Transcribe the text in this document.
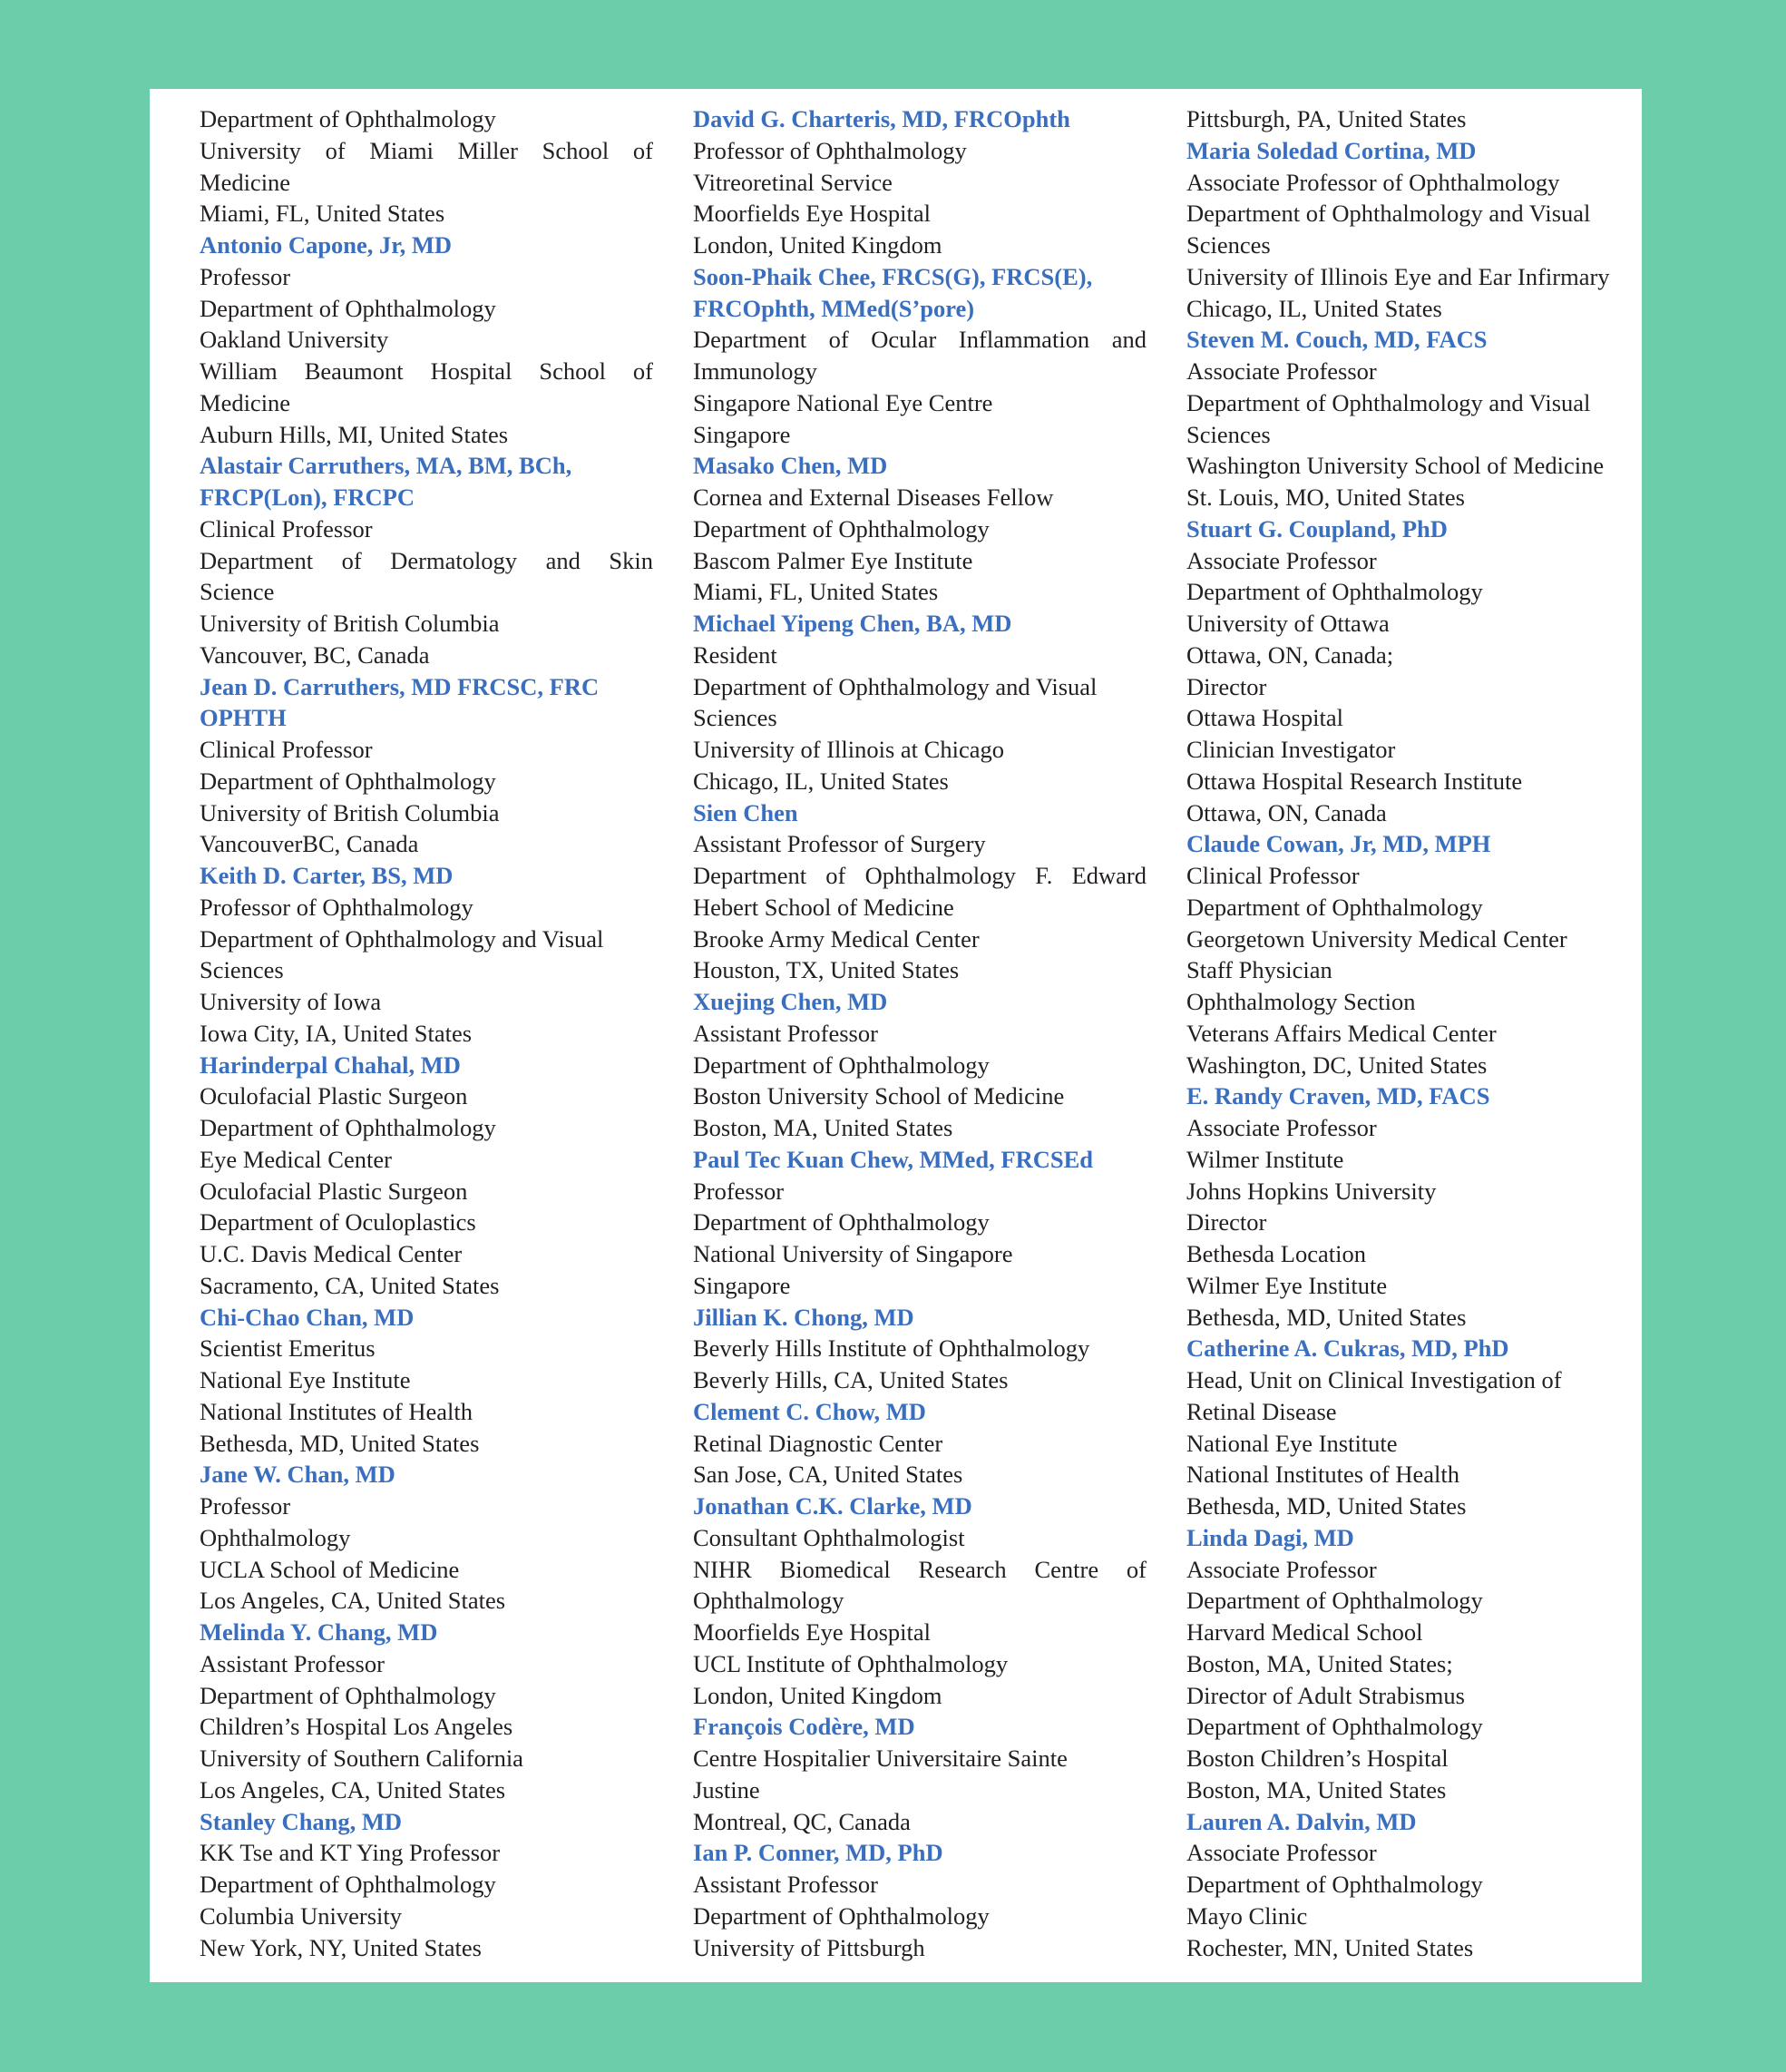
Department of Ophthalmology
University of Miami Miller School of
Medicine
Miami, FL, United States
Antonio Capone, Jr, MD
Professor
Department of Ophthalmology
Oakland University
William Beaumont Hospital School of
Medicine
Auburn Hills, MI, United States
Alastair Carruthers, MA, BM, BCh,
FRCP(Lon), FRCPC
Clinical Professor
Department of Dermatology and Skin
Science
University of British Columbia
Vancouver, BC, Canada
Jean D. Carruthers, MD FRCSC, FRC
OPHTH
Clinical Professor
Department of Ophthalmology
University of British Columbia
VancouverBC, Canada
Keith D. Carter, BS, MD
Professor of Ophthalmology
Department of Ophthalmology and Visual
Sciences
University of Iowa
Iowa City, IA, United States
Harinderpal Chahal, MD
Oculofacial Plastic Surgeon
Department of Ophthalmology
Eye Medical Center
Oculofacial Plastic Surgeon
Department of Oculoplastics
U.C. Davis Medical Center
Sacramento, CA, United States
Chi-Chao Chan, MD
Scientist Emeritus
National Eye Institute
National Institutes of Health
Bethesda, MD, United States
Jane W. Chan, MD
Professor
Ophthalmology
UCLA School of Medicine
Los Angeles, CA, United States
Melinda Y. Chang, MD
Assistant Professor
Department of Ophthalmology
Children’s Hospital Los Angeles
University of Southern California
Los Angeles, CA, United States
Stanley Chang, MD
KK Tse and KT Ying Professor
Department of Ophthalmology
Columbia University
New York, NY, United States
David G. Charteris, MD, FRCOphth
Professor of Ophthalmology
Vitreoretinal Service
Moorfields Eye Hospital
London, United Kingdom
Soon-Phaik Chee, FRCS(G), FRCS(E),
FRCOphth, MMed(S’pore)
Department of Ocular Inflammation and
Immunology
Singapore National Eye Centre
Singapore
Masako Chen, MD
Cornea and External Diseases Fellow
Department of Ophthalmology
Bascom Palmer Eye Institute
Miami, FL, United States
Michael Yipeng Chen, BA, MD
Resident
Department of Ophthalmology and Visual
Sciences
University of Illinois at Chicago
Chicago, IL, United States
Sien Chen
Assistant Professor of Surgery
Department of Ophthalmology F. Edward
Hebert School of Medicine
Brooke Army Medical Center
Houston, TX, United States
Xuejing Chen, MD
Assistant Professor
Department of Ophthalmology
Boston University School of Medicine
Boston, MA, United States
Paul Tec Kuan Chew, MMed, FRCSEd
Professor
Department of Ophthalmology
National University of Singapore
Singapore
Jillian K. Chong, MD
Beverly Hills Institute of Ophthalmology
Beverly Hills, CA, United States
Clement C. Chow, MD
Retinal Diagnostic Center
San Jose, CA, United States
Jonathan C.K. Clarke, MD
Consultant Ophthalmologist
NIHR Biomedical Research Centre of
Ophthalmology
Moorfields Eye Hospital
UCL Institute of Ophthalmology
London, United Kingdom
François Codère, MD
Centre Hospitalier Universitaire Sainte
Justine
Montreal, QC, Canada
Ian P. Conner, MD, PhD
Assistant Professor
Department of Ophthalmology
University of Pittsburgh
Pittsburgh, PA, United States
Maria Soledad Cortina, MD
Associate Professor of Ophthalmology
Department of Ophthalmology and Visual
Sciences
University of Illinois Eye and Ear Infirmary
Chicago, IL, United States
Steven M. Couch, MD, FACS
Associate Professor
Department of Ophthalmology and Visual
Sciences
Washington University School of Medicine
St. Louis, MO, United States
Stuart G. Coupland, PhD
Associate Professor
Department of Ophthalmology
University of Ottawa
Ottawa, ON, Canada;
Director
Ottawa Hospital
Clinician Investigator
Ottawa Hospital Research Institute
Ottawa, ON, Canada
Claude Cowan, Jr, MD, MPH
Clinical Professor
Department of Ophthalmology
Georgetown University Medical Center
Staff Physician
Ophthalmology Section
Veterans Affairs Medical Center
Washington, DC, United States
E. Randy Craven, MD, FACS
Associate Professor
Wilmer Institute
Johns Hopkins University
Director
Bethesda Location
Wilmer Eye Institute
Bethesda, MD, United States
Catherine A. Cukras, MD, PhD
Head, Unit on Clinical Investigation of
Retinal Disease
National Eye Institute
National Institutes of Health
Bethesda, MD, United States
Linda Dagi, MD
Associate Professor
Department of Ophthalmology
Harvard Medical School
Boston, MA, United States;
Director of Adult Strabismus
Department of Ophthalmology
Boston Children’s Hospital
Boston, MA, United States
Lauren A. Dalvin, MD
Associate Professor
Department of Ophthalmology
Mayo Clinic
Rochester, MN, United States
